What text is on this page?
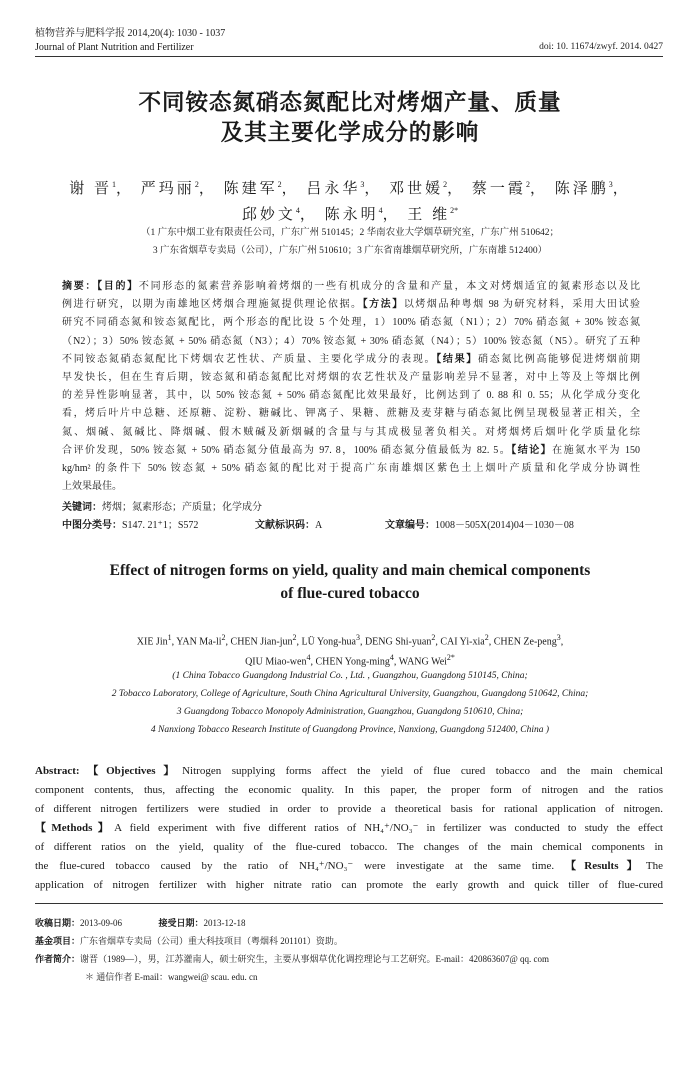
植物营养与肥料学报 2014,20(4): 1030 - 1037
Journal of Plant Nutrition and Fertilizer	doi: 10. 11674/zwyf. 2014. 0427
不同铵态氮硝态氮配比对烤烟产量、质量
及其主要化学成分的影响
谢 晋$^1$， 严玛丽$^2$， 陈建军$^2$， 吕永华$^3$， 邓世媛$^2$， 蔡一霞$^2$， 陈泽鹏$^3$，
邱妙文$^4$， 陈永明$^4$， 王 维$^{2*}$
（1 广东中烟工业有限责任公司，广东广州 510145；2 华南农业大学烟草研究室，广东广州 510642；
3 广东省烟草专卖局（公司），广东广州 510610；3 广东省南雄烟草研究所，广东南雄 512400）
摘要：【目的】不同形态的氮素营养影响着烤烟的一些有机成分的含量和产量，本文对烤烟适宜的氮素形态以及比
例进行研究，以期为南雄地区烤烟合理施氮提供理论依据。【方法】以烤烟品种粤烟 98 为研究材料，采用大田试验
研究不同硝态氮和铵态氮配比，两个形态的配比设 5 个处理，1）100% 硝态氮（N1）；2）70% 硝态氮 + 30% 铵态氮
（N2）；3）50% 铵态氮 + 50% 硝态氮（N3）；4）70% 铵态氮 + 30% 硝态氮（N4）；5）100% 铵态氮（N5）。研究了五种
不同铵态氮硝态氮配比下烤烟农艺性状、产质量、主要化学成分的表现。【结果】硝态氮比例高能够促进烤烟前期
早发快长，但在生育后期，铵态氮和硝态氮配比对烤烟的农艺性状及产量影响差异不显著，对中上等及上等烟比例
的差异性影响显著，其中，以 50% 铵态氮 + 50% 硝态氮配比效果最好，比例达到了 0. 88 和 0. 55；从化学成分变化
看，烤后叶片中总糖、还原糖、淀粉、糖碱比、钾离子、果糖、蔗糖及麦芽糖与硝态氮比例呈现极显著正相关，全
氮、烟碱、氮碱比、降烟碱、假木贼碱及新烟碱的含量与与其成极显著负相关。对烤烟烤后烟叶化学质量化综
合评价发现，50% 铵态氮 + 50% 硝态氮分值最高为 97. 8，100% 硝态氮分值最低为 82. 5。【结论】在施氮水平为 150
kg/hm² 的条件下 50% 铵态氮 + 50% 硝态氮的配比对于提高广东南雄烟区紫色土上烟叶产质量和化学成分协调性
上效果最佳。
关键词：烤烟；氮素形态；产质量；化学成分
中图分类号：S147. 21⁺1；S572	文献标识码：A	文章编号：1008－505X(2014)04－1030－08
Effect of nitrogen forms on yield, quality and main chemical components
of flue-cured tobacco
XIE Jin$^1$, YAN $Ma-li^2$, CHEN Jian-jun$^2$, LÜ Yong-hua$^3$, DENG Shi-yuan$^2$, CAI Yi-xia$^2$, CHEN Ze-peng$^3$,
QIU Miao-wen$^4$, CHEN Yong-ming$^4$, WANG Wei$^{2*}$
(1 China Tobacco Guangdong Industrial Co. , Ltd. , Guangzhou, Guangdong 510145, China;
2 Tobacco Laboratory, College of Agriculture, South China Agricultural University, Guangzhou, Guangdong 510642, China;
3 Guangdong Tobacco Monopoly Administration, Guangzhou, Guangdong 510610, China;
4 Nanxiong Tobacco Research Institute of Guangdong Province, Nanxiong, Guangdong 512400, China )
Abstract:【Objectives】Nitrogen supplying forms affect the yield of flue cured tobacco and the main chemical
component contents, thus, affecting the economic quality. In this paper, the proper form of nitrogen and the ratios
of different nitrogen fertilizers were studied in order to provide a theoretical basis for rational application of nitrogen.
【Methods】A field experiment with five different ratios of NH₄⁺/NO₃⁻ in fertilizer was conducted to study the effect
of different ratios on the yield, quality of the flue-cured tobacco. The changes of the main chemical components in
the flue-cured tobacco caused by the ratio of NH₄⁺/NO₃⁻ were investigate at the same time. 【Results】The
application of nitrogen fertilizer with higher nitrate ratio can promote the early growth and quick tiller of flue-cured
收稿日期：2013-09-06	接受日期：2013-12-18
基金项目：广东省烟草专卖局（公司）重大科技项目（粤烟科 201101）资助。
作者简介：谢晋（1989—），男，江苏灌南人，硕士研究生，主要从事烟草优化调控理论与工艺研究。E-mail：420863607@ qq. com
＊ 通信作者 E-mail：wangwei@ scau. edu. cn
